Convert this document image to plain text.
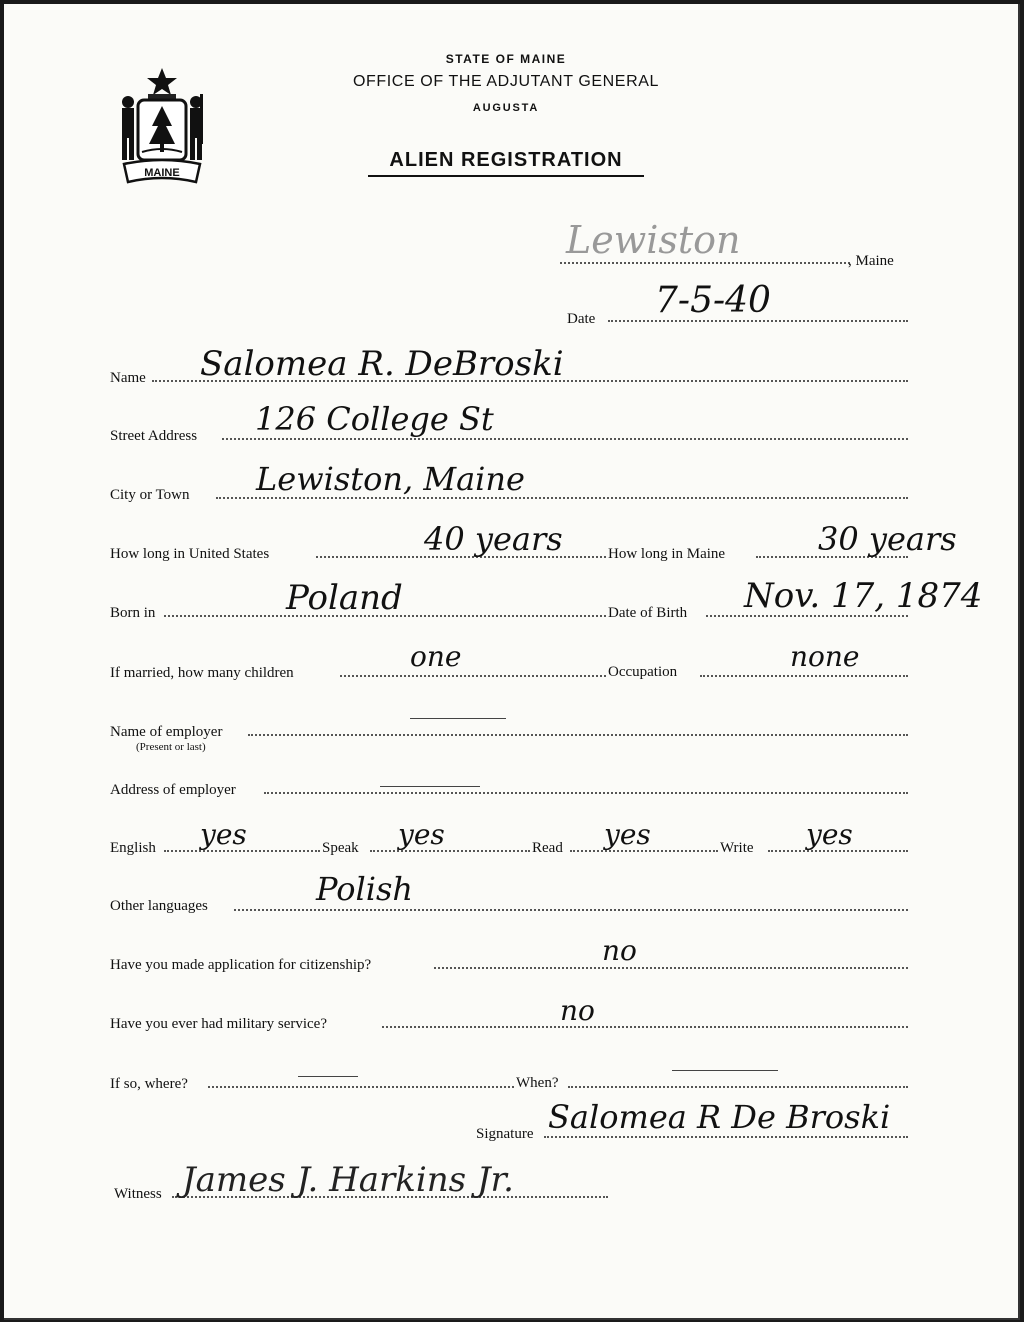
MAINE
STATE OF MAINE
OFFICE OF THE ADJUTANT GENERAL
AUGUSTA
ALIEN REGISTRATION
Lewiston	, Maine
Date 7-5-40
Name Salomea R. DeBroski
Street Address 126 College St
City or Town Lewiston, Maine
How long in United States	40 years	How long in Maine	30 years
Born in	Poland	Date of Birth Nov. 17, 1874
If married, how many children	one	Occupation	none
Name of employer
(Present or last)
Address of employer
English yes	Speak yes	Read yes	Write yes
Other languages	Polish
Have you made application for citizenship?	no
Have you ever had military service?	no
If so, where?	When?
Signature Salomea R De Broski
Witness James J. Harkins Jr.
